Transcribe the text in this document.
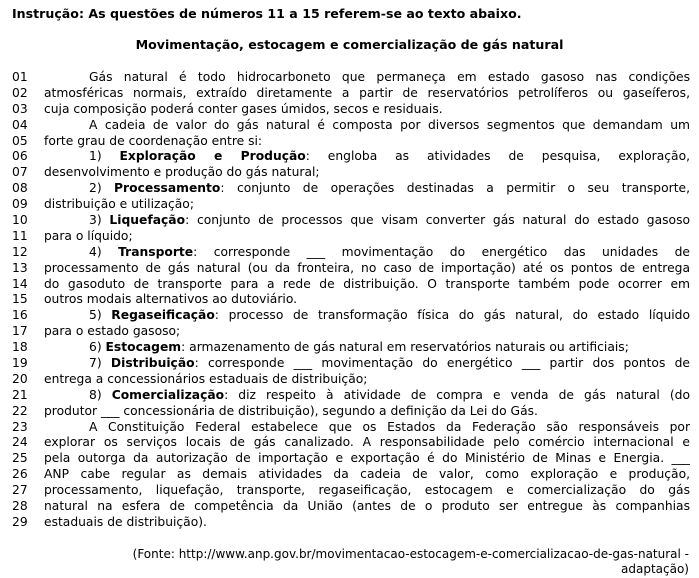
Instrução: As questões de números 11 a 15 referem-se ao texto abaixo.
Movimentação, estocagem e comercialização de gás natural
01	Gás natural é todo hidrocarboneto que permaneça em estado gasoso nas condições
02	atmosféricas normais, extraído diretamente a partir de reservatórios petrolíferos ou gaseíferos,
03	cuja composição poderá conter gases úmidos, secos e residuais.
04	A cadeia de valor do gás natural é composta por diversos segmentos que demandam um
05	forte grau de coordenação entre si:
06	1) Exploração e Produção: engloba as atividades de pesquisa, exploração,
07	desenvolvimento e produção do gás natural;
08	2) Processamento: conjunto de operações destinadas a permitir o seu transporte,
09	distribuição e utilização;
10	3) Liquefação: conjunto de processos que visam converter gás natural do estado gasoso
11	para o líquido;
12	4) Transporte: corresponde ___ movimentação do energético das unidades de
13	processamento de gás natural (ou da fronteira, no caso de importação) até os pontos de entrega
14	do gasoduto de transporte para a rede de distribuição. O transporte também pode ocorrer em
15	outros modais alternativos ao dutoviário.
16	5) Regaseificação: processo de transformação física do gás natural, do estado líquido
17	para o estado gasoso;
18	6) Estocagem: armazenamento de gás natural em reservatórios naturais ou artificiais;
19	7) Distribuição: corresponde ___ movimentação do energético ___ partir dos pontos de
20	entrega a concessionários estaduais de distribuição;
21	8) Comercialização: diz respeito à atividade de compra e venda de gás natural (do
22	produtor ___ concessionária de distribuição), segundo a definição da Lei do Gás.
23	A Constituição Federal estabelece que os Estados da Federação são responsáveis por
24	explorar os serviços locais de gás canalizado. A responsabilidade pelo comércio internacional e
25	pela outorga da autorização de importação e exportação é do Ministério de Minas e Energia. ___
26	ANP cabe regular as demais atividades da cadeia de valor, como exploração e produção,
27	processamento, liquefação, transporte, regaseificação, estocagem e comercialização do gás
28	natural na esfera de competência da União (antes de o produto ser entregue às companhias
29	estaduais de distribuição).
(Fonte: http://www.anp.gov.br/movimentacao-estocagem-e-comercializacao-de-gas-natural - adaptação)
